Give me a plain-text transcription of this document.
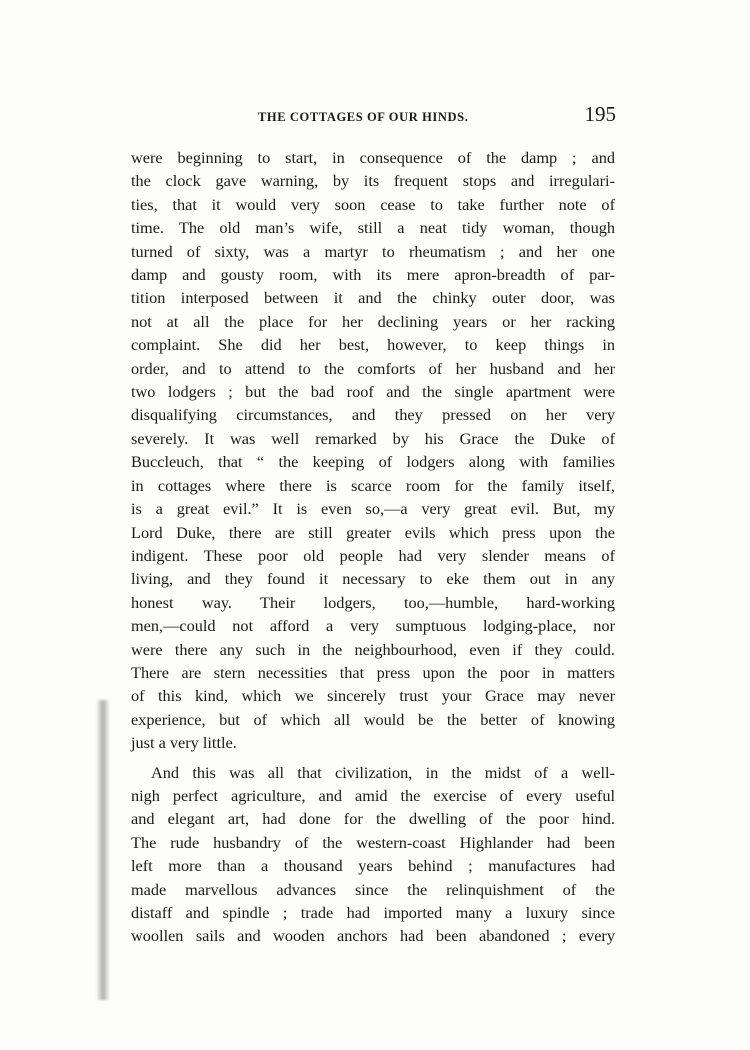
THE COTTAGES OF OUR HINDS.	195
were beginning to start, in consequence of the damp ; and
the clock gave warning, by its frequent stops and irregulari-
ties, that it would very soon cease to take further note of
time. The old man’s wife, still a neat tidy woman, though
turned of sixty, was a martyr to rheumatism ; and her one
damp and gousty room, with its mere apron-breadth of par-
tition interposed between it and the chinky outer door, was
not at all the place for her declining years or her racking
complaint. She did her best, however, to keep things in
order, and to attend to the comforts of her husband and her
two lodgers ; but the bad roof and the single apartment were
disqualifying circumstances, and they pressed on her very
severely. It was well remarked by his Grace the Duke of
Buccleuch, that “ the keeping of lodgers along with families
in cottages where there is scarce room for the family itself,
is a great evil.” It is even so,—a very great evil. But, my
Lord Duke, there are still greater evils which press upon the
indigent. These poor old people had very slender means of
living, and they found it necessary to eke them out in any
honest way. Their lodgers, too,—humble, hard-working
men,—could not afford a very sumptuous lodging-place, nor
were there any such in the neighbourhood, even if they could.
There are stern necessities that press upon the poor in matters
of this kind, which we sincerely trust your Grace may never
experience, but of which all would be the better of knowing
just a very little.
And this was all that civilization, in the midst of a well-
nigh perfect agriculture, and amid the exercise of every useful
and elegant art, had done for the dwelling of the poor hind.
The rude husbandry of the western-coast Highlander had been
left more than a thousand years behind ; manufactures had
made marvellous advances since the relinquishment of the
distaff and spindle ; trade had imported many a luxury since
woollen sails and wooden anchors had been abandoned ; every
